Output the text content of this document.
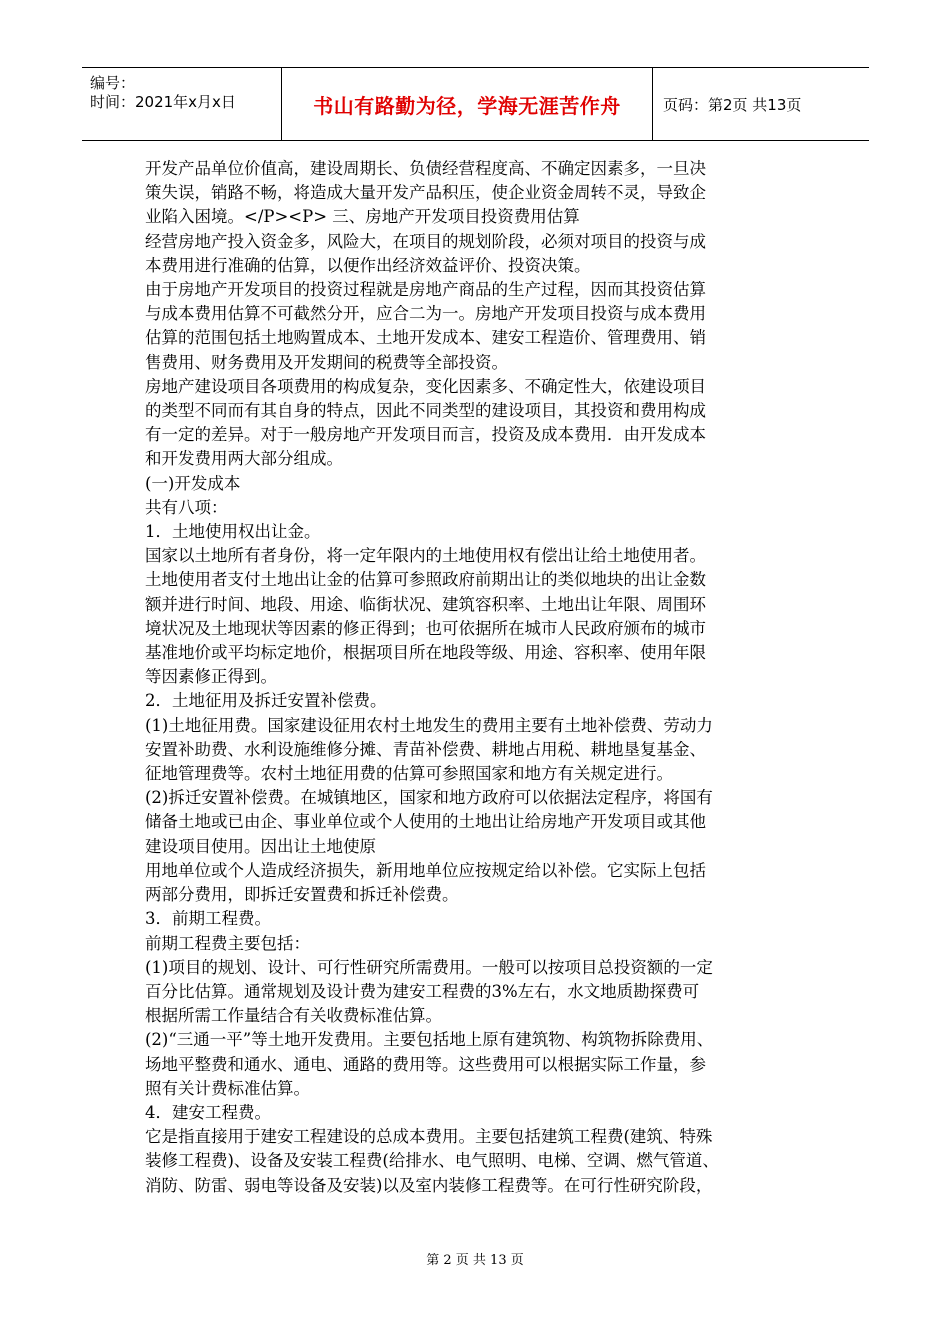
编号：
时间：2021年x月x日	书山有路勤为径，学海无涯苦作舟	页码：第2页 共13页

开发产品单位价值高，建设周期长、负债经营程度高、不确定因素多，一旦决

策失误，销路不畅，将造成大量开发产品积压，使企业资金周转不灵，导致企

业陷入困境。</P><P> 三、房地产开发项目投资费用估算

经营房地产投入资金多，风险大，在项目的规划阶段，必须对项目的投资与成

本费用进行准确的估算，以便作出经济效益评价、投资决策。

由于房地产开发项目的投资过程就是房地产商品的生产过程，因而其投资估算

与成本费用估算不可截然分开，应合二为一。房地产开发项目投资与成本费用

估算的范围包括土地购置成本、土地开发成本、建安工程造价、管理费用、销

售费用、财务费用及开发期间的税费等全部投资。

房地产建设项目各项费用的构成复杂，变化因素多、不确定性大，依建设项目

的类型不同而有其自身的特点，因此不同类型的建设项目，其投资和费用构成

有一定的差异。对于一般房地产开发项目而言，投资及成本费用．由开发成本

和开发费用两大部分组成。

(一)开发成本

共有八项：

1．土地使用权出让金。

国家以土地所有者身份，将一定年限内的土地使用权有偿出让给土地使用者。

土地使用者支付土地出让金的估算可参照政府前期出让的类似地块的出让金数

额并进行时间、地段、用途、临街状况、建筑容积率、土地出让年限、周围环

境状况及土地现状等因素的修正得到；也可依据所在城市人民政府颁布的城市

基准地价或平均标定地价，根据项目所在地段等级、用途、容积率、使用年限

等因素修正得到。

2．土地征用及拆迁安置补偿费。

(1)土地征用费。国家建设征用农村土地发生的费用主要有土地补偿费、劳动力

安置补助费、水利设施维修分摊、青苗补偿费、耕地占用税、耕地垦复基金、

征地管理费等。农村土地征用费的估算可参照国家和地方有关规定进行。

(2)拆迁安置补偿费。在城镇地区，国家和地方政府可以依据法定程序，将国有

储备土地或已由企、事业单位或个人使用的土地出让给房地产开发项目或其他

建设项目使用。因出让土地使原

用地单位或个人造成经济损失，新用地单位应按规定给以补偿。它实际上包括

两部分费用，即拆迁安置费和拆迁补偿费。

3．前期工程费。

前期工程费主要包括：

(1)项目的规划、设计、可行性研究所需费用。一般可以按项目总投资额的一定

百分比估算。通常规划及设计费为建安工程费的3%左右，水文地质勘探费可

根据所需工作量结合有关收费标准估算。

(2)“三通一平”等土地开发费用。主要包括地上原有建筑物、构筑物拆除费用、

场地平整费和通水、通电、通路的费用等。这些费用可以根据实际工作量，参

照有关计费标准估算。

4．建安工程费。

它是指直接用于建安工程建设的总成本费用。主要包括建筑工程费(建筑、特殊

装修工程费)、设备及安装工程费(给排水、电气照明、电梯、空调、燃气管道、

消防、防雷、弱电等设备及安装)以及室内装修工程费等。在可行性研究阶段，

第 2 页 共 13 页
